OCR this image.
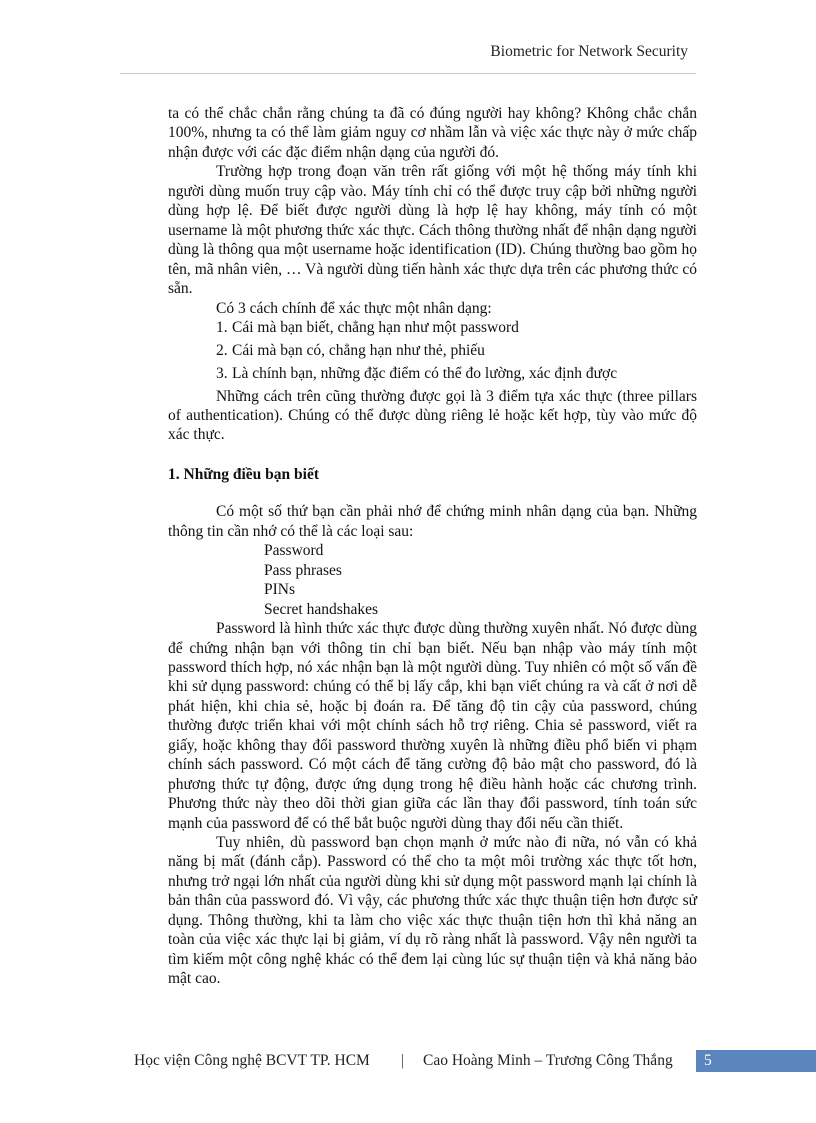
Biometric for Network Security

ta có thể chắc chắn rằng chúng ta đã có đúng người hay không? Không chắc chắn 100%, nhưng ta có thể làm giảm nguy cơ nhầm lẫn và việc xác thực này ở mức chấp nhận được với các đặc điểm nhận dạng của người đó.

Trường hợp trong đoạn văn trên rất giống với một hệ thống máy tính khi người dùng muốn truy cập vào. Máy tính chỉ có thể được truy cập bởi những người dùng hợp lệ. Để biết được người dùng là hợp lệ hay không, máy tính có một username là một phương thức xác thực. Cách thông thường nhất để nhận dạng người dùng là thông qua một username hoặc identification (ID). Chúng thường bao gồm họ tên, mã nhân viên, … Và người dùng tiến hành xác thực dựa trên các phương thức có sẵn.

Có 3 cách chính để xác thực một nhân dạng:

1. Cái mà bạn biết, chẳng hạn như một password
2. Cái mà bạn có, chẳng hạn như thẻ, phiếu
3. Là chính bạn, những đặc điểm có thể đo lường, xác định được

Những cách trên cũng thường được gọi là 3 điểm tựa xác thực (three pillars of authentication). Chúng có thể được dùng riêng lẻ hoặc kết hợp, tùy vào mức độ xác thực.

1. Những điều bạn biết

Có một số thứ bạn cần phải nhớ để chứng minh nhân dạng của bạn. Những thông tin cần nhớ có thể là các loại sau:

Password
Pass phrases
PINs
Secret handshakes

Password là hình thức xác thực được dùng thường xuyên nhất. Nó được dùng để chứng nhận bạn với thông tin chỉ bạn biết. Nếu bạn nhập vào máy tính một password thích hợp, nó xác nhận bạn là một người dùng. Tuy nhiên có một số vấn đề khi sử dụng password: chúng có thể bị lấy cắp, khi bạn viết chúng ra và cất ở nơi dễ phát hiện, khi chia sẻ, hoặc bị đoán ra. Để tăng độ tin cậy của password, chúng thường được triển khai với một chính sách hỗ trợ riêng. Chia sẻ password, viết ra giấy, hoặc không thay đổi password thường xuyên là những điều phổ biến vi phạm chính sách password. Có một cách để tăng cường độ bảo mật cho password, đó là phương thức tự động, được ứng dụng trong hệ điều hành hoặc các chương trình. Phương thức này theo dõi thời gian giữa các lần thay đổi password, tính toán sức mạnh của password để có thể bắt buộc người dùng thay đổi nếu cần thiết.

Tuy nhiên, dù password bạn chọn mạnh ở mức nào đi nữa, nó vẫn có khả năng bị mất (đánh cắp). Password có thể cho ta một môi trường xác thực tốt hơn, nhưng trở ngại lớn nhất của người dùng khi sử dụng một password mạnh lại chính là bản thân của password đó. Vì vậy, các phương thức xác thực thuận tiện hơn được sử dụng. Thông thường, khi ta làm cho việc xác thực thuận tiện hơn thì khả năng an toàn của việc xác thực lại bị giảm, ví dụ rõ ràng nhất là password. Vậy nên người ta tìm kiếm một công nghệ khác có thể đem lại cùng lúc sự thuận tiện và khả năng bảo mật cao.

Học viện Công nghệ BCVT TP. HCM | Cao Hoàng Minh – Trương Công Thắng	5
